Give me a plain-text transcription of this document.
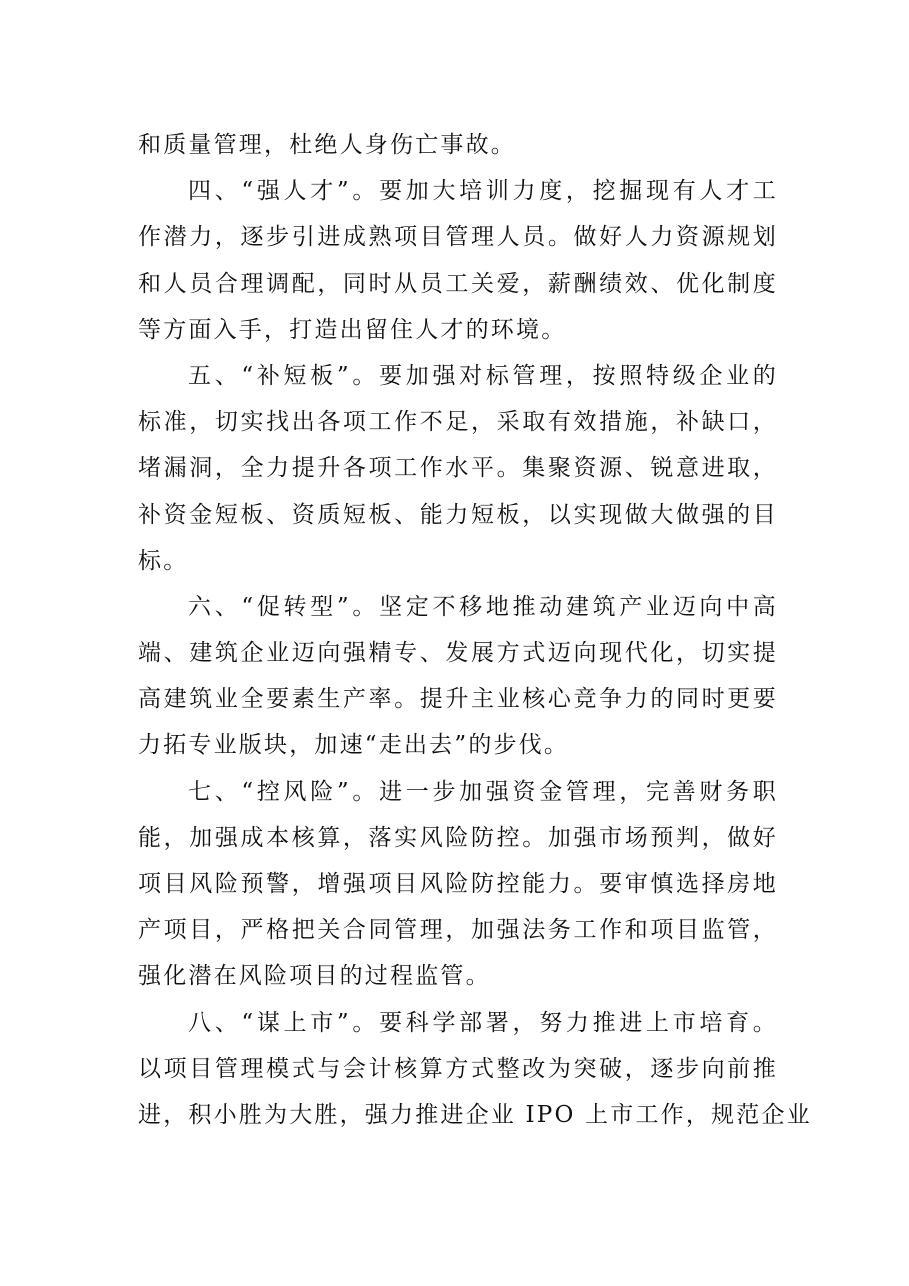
和质量管理，杜绝人身伤亡事故。
四、“强人才”。要加大培训力度，挖掘现有人才工
作潜力，逐步引进成熟项目管理人员。做好人力资源规划
和人员合理调配，同时从员工关爱，薪酬绩效、优化制度
等方面入手，打造出留住人才的环境。
五、“补短板”。要加强对标管理，按照特级企业的
标准，切实找出各项工作不足，采取有效措施，补缺口，
堵漏洞，全力提升各项工作水平。集聚资源、锐意进取，
补资金短板、资质短板、能力短板，以实现做大做强的目
标。
六、“促转型”。坚定不移地推动建筑产业迈向中高
端、建筑企业迈向强精专、发展方式迈向现代化，切实提
高建筑业全要素生产率。提升主业核心竞争力的同时更要
力拓专业版块，加速“走出去”的步伐。
七、“控风险”。进一步加强资金管理，完善财务职
能，加强成本核算，落实风险防控。加强市场预判，做好
项目风险预警，增强项目风险防控能力。要审慎选择房地
产项目，严格把关合同管理，加强法务工作和项目监管，
强化潜在风险项目的过程监管。
八、“谋上市”。要科学部署，努力推进上市培育。
以项目管理模式与会计核算方式整改为突破，逐步向前推
进，积小胜为大胜，强力推进企业 IPO 上市工作，规范企业
